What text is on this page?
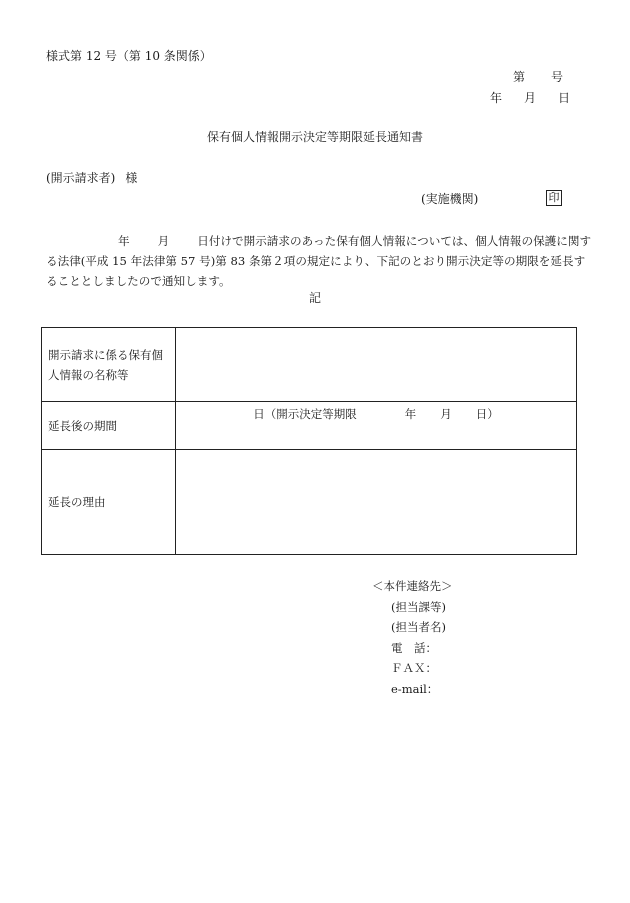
様式第 12 号（第 10 条関係）
第 号
年 月 日
保有個人情報開示決定等期限延長通知書
(開示請求者) 様
(実施機関)	印
年 月 日付けで開示請求のあった保有個人情報については、個人情報の保護に関す
る法律(平成 15 年法律第 57 号)第 83 条第２項の規定により、下記のとおり開示決定等の期限を延長す
ることとしましたので通知します。
記
開示請求に係る保有個
人情報の名称等	

延長後の期間	日（開示決定等期限 年 月 日）

延長の理由	
＜本件連絡先＞
(担当課等)
(担当者名)
電　話：
ＦＡＸ：
e-mail：
